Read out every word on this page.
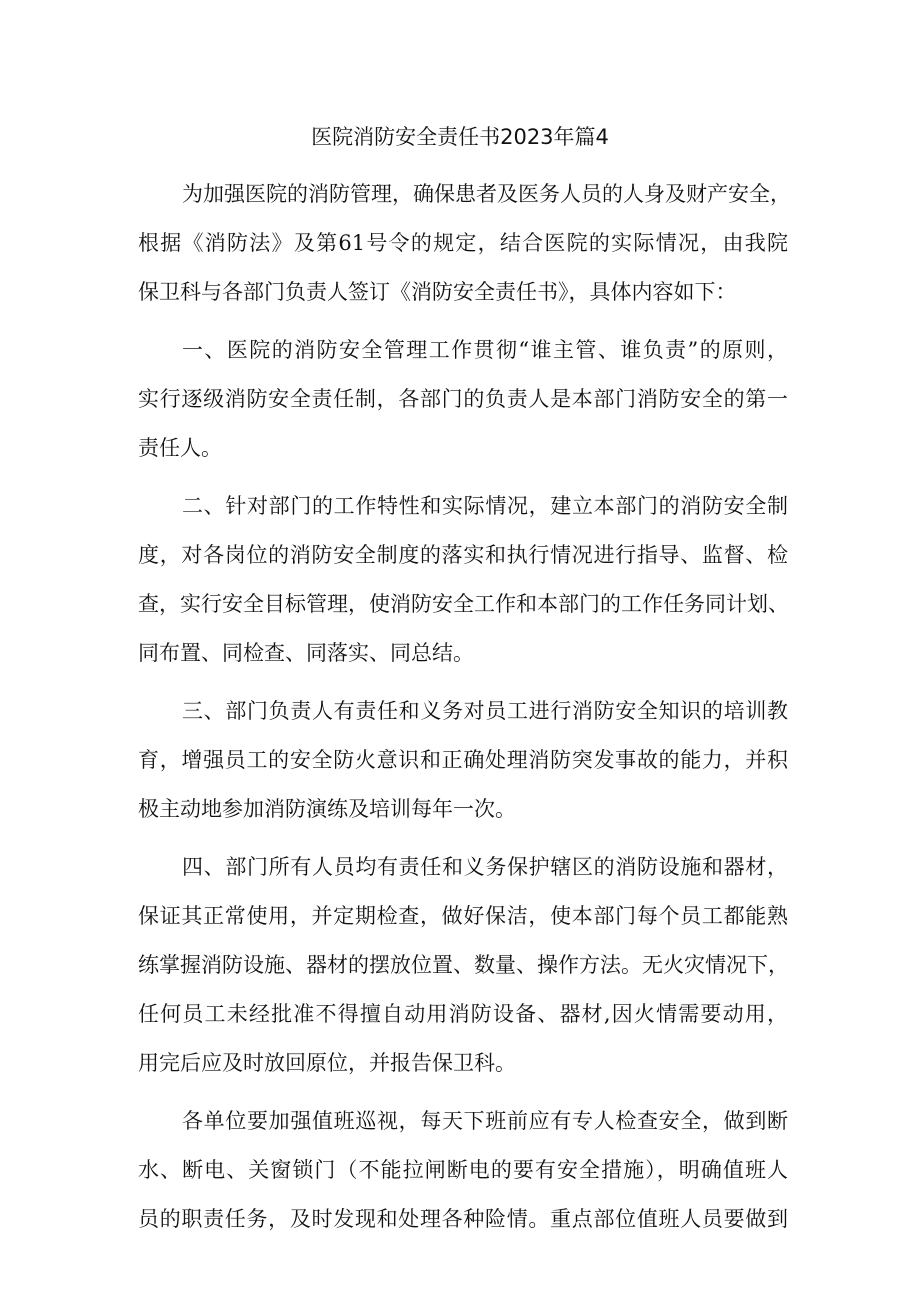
医院消防安全责任书2023年篇4
为加强医院的消防管理，确保患者及医务人员的人身及财产安全，
根据《消防法》及第61号令的规定，结合医院的实际情况，由我院
保卫科与各部门负责人签订《消防安全责任书》，具体内容如下：
一、医院的消防安全管理工作贯彻“谁主管、谁负责”的原则，
实行逐级消防安全责任制，各部门的负责人是本部门消防安全的第一
责任人。
二、针对部门的工作特性和实际情况，建立本部门的消防安全制
度，对各岗位的消防安全制度的落实和执行情况进行指导、监督、检
查，实行安全目标管理，使消防安全工作和本部门的工作任务同计划、
同布置、同检查、同落实、同总结。
三、部门负责人有责任和义务对员工进行消防安全知识的培训教
育，增强员工的安全防火意识和正确处理消防突发事故的能力，并积
极主动地参加消防演练及培训每年一次。
四、部门所有人员均有责任和义务保护辖区的消防设施和器材，
保证其正常使用，并定期检查，做好保洁，使本部门每个员工都能熟
练掌握消防设施、器材的摆放位置、数量、操作方法。无火灾情况下，
任何员工未经批准不得擅自动用消防设备、器材,因火情需要动用，
用完后应及时放回原位，并报告保卫科。
各单位要加强值班巡视，每天下班前应有专人检查安全，做到断
水、断电、关窗锁门（不能拉闸断电的要有安全措施），明确值班人
员的职责任务，及时发现和处理各种险情。重点部位值班人员要做到
